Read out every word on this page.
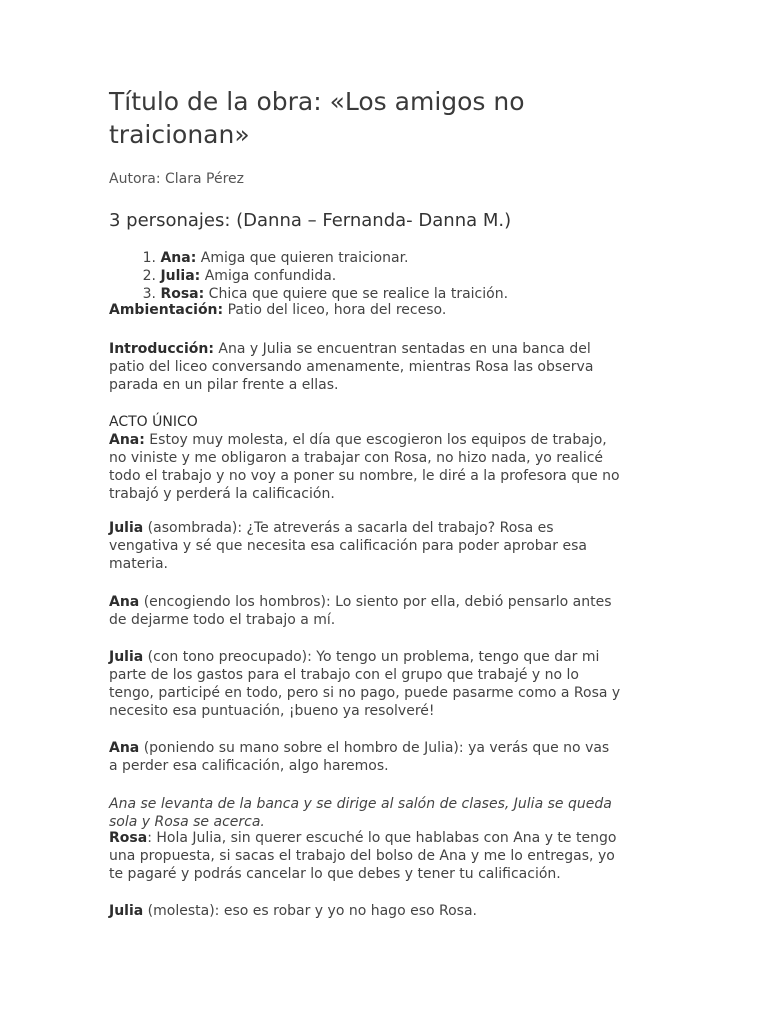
Título de la obra: «Los amigos no
traicionan»

Autora: Clara Pérez

3 personajes: (Danna – Fernanda- Danna M.)
1. Ana: Amiga que quieren traicionar.
2. Julia: Amiga confundida.
3. Rosa: Chica que quiere que se realice la traición.

Ambientación: Patio del liceo, hora del receso.

Introducción: Ana y Julia se encuentran sentadas en una banca del
patio del liceo conversando amenamente, mientras Rosa las observa
parada en un pilar frente a ellas.

ACTO ÚNICO

Ana: Estoy muy molesta, el día que escogieron los equipos de trabajo,
no viniste y me obligaron a trabajar con Rosa, no hizo nada, yo realicé
todo el trabajo y no voy a poner su nombre, le diré a la profesora que no
trabajó y perderá la calificación.

Julia (asombrada): ¿Te atreverás a sacarla del trabajo? Rosa es
vengativa y sé que necesita esa calificación para poder aprobar esa
materia.

Ana (encogiendo los hombros): Lo siento por ella, debió pensarlo antes
de dejarme todo el trabajo a mí.

Julia (con tono preocupado): Yo tengo un problema, tengo que dar mi
parte de los gastos para el trabajo con el grupo que trabajé y no lo
tengo, participé en todo, pero si no pago, puede pasarme como a Rosa y
necesito esa puntuación, ¡bueno ya resolveré!

Ana (poniendo su mano sobre el hombro de Julia): ya verás que no vas
a perder esa calificación, algo haremos.

Ana se levanta de la banca y se dirige al salón de clases, Julia se queda
sola y Rosa se acerca.

Rosa: Hola Julia, sin querer escuché lo que hablabas con Ana y te tengo
una propuesta, si sacas el trabajo del bolso de Ana y me lo entregas, yo
te pagaré y podrás cancelar lo que debes y tener tu calificación.

Julia (molesta): eso es robar y yo no hago eso Rosa.
